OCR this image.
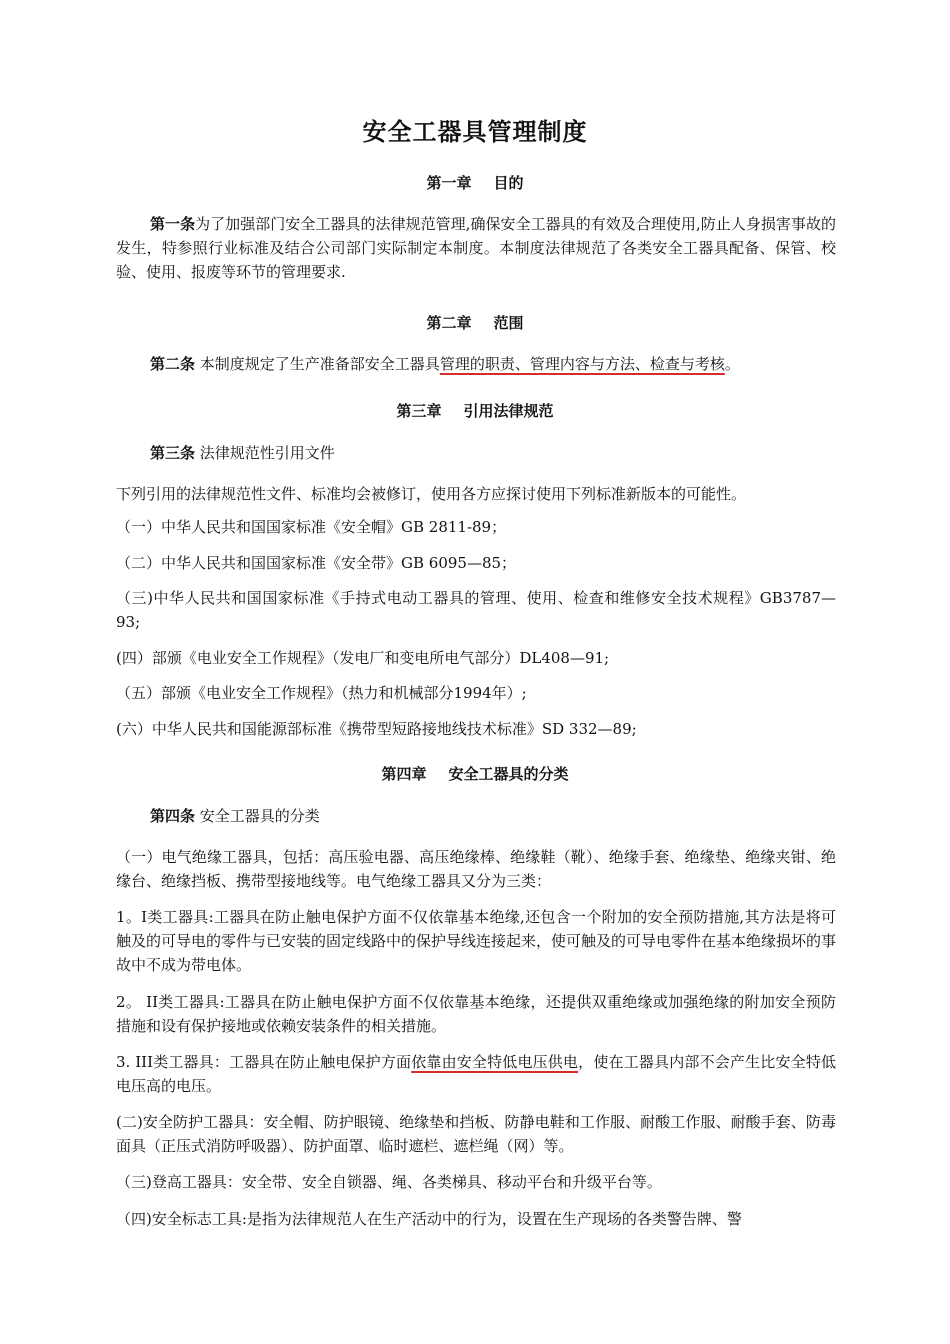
安全工器具管理制度
第一章 目的
第一条为了加强部门安全工器具的法律规范管理,确保安全工器具的有效及合理使用,防止人身损害事故的发生，特参照行业标准及结合公司部门实际制定本制度。本制度法律规范了各类安全工器具配备、保管、校验、使用、报废等环节的管理要求.
第二章 范围
第二条 本制度规定了生产准备部安全工器具管理的职责、管理内容与方法、检查与考核。
第三章 引用法律规范
第三条 法律规范性引用文件
下列引用的法律规范性文件、标准均会被修订，使用各方应探讨使用下列标准新版本的可能性。
（一）中华人民共和国国家标准《安全帽》GB 2811-89；
（二）中华人民共和国国家标准《安全带》GB 6095—85；
（三)中华人民共和国国家标准《手持式电动工器具的管理、使用、检查和维修安全技术规程》GB3787—93;
(四）部颁《电业安全工作规程》（发电厂和变电所电气部分）DL408—91;
（五）部颁《电业安全工作规程》（热力和机械部分1994年）;
(六）中华人民共和国能源部标准《携带型短路接地线技术标准》SD 332—89;
第四章 安全工器具的分类
第四条 安全工器具的分类
（一）电气绝缘工器具，包括：高压验电器、高压绝缘棒、绝缘鞋（靴）、绝缘手套、绝缘垫、绝缘夹钳、绝缘台、绝缘挡板、携带型接地线等。电气绝缘工器具又分为三类：
1。Ⅰ类工器具:工器具在防止触电保护方面不仅依靠基本绝缘,还包含一个附加的安全预防措施,其方法是将可触及的可导电的零件与已安装的固定线路中的保护导线连接起来，使可触及的可导电零件在基本绝缘损坏的事故中不成为带电体。
2。 II类工器具:工器具在防止触电保护方面不仅依靠基本绝缘，还提供双重绝缘或加强绝缘的附加安全预防措施和设有保护接地或依赖安装条件的相关措施。
3. III类工器具：工器具在防止触电保护方面依靠由安全特低电压供电，使在工器具内部不会产生比安全特低电压高的电压。
(二)安全防护工器具：安全帽、防护眼镜、绝缘垫和挡板、防静电鞋和工作服、耐酸工作服、耐酸手套、防毒面具（正压式消防呼吸器）、防护面罩、临时遮栏、遮栏绳（网）等。
（三)登高工器具：安全带、安全自锁器、绳、各类梯具、移动平台和升级平台等。
（四)安全标志工具:是指为法律规范人在生产活动中的行为，设置在生产现场的各类警告牌、警
